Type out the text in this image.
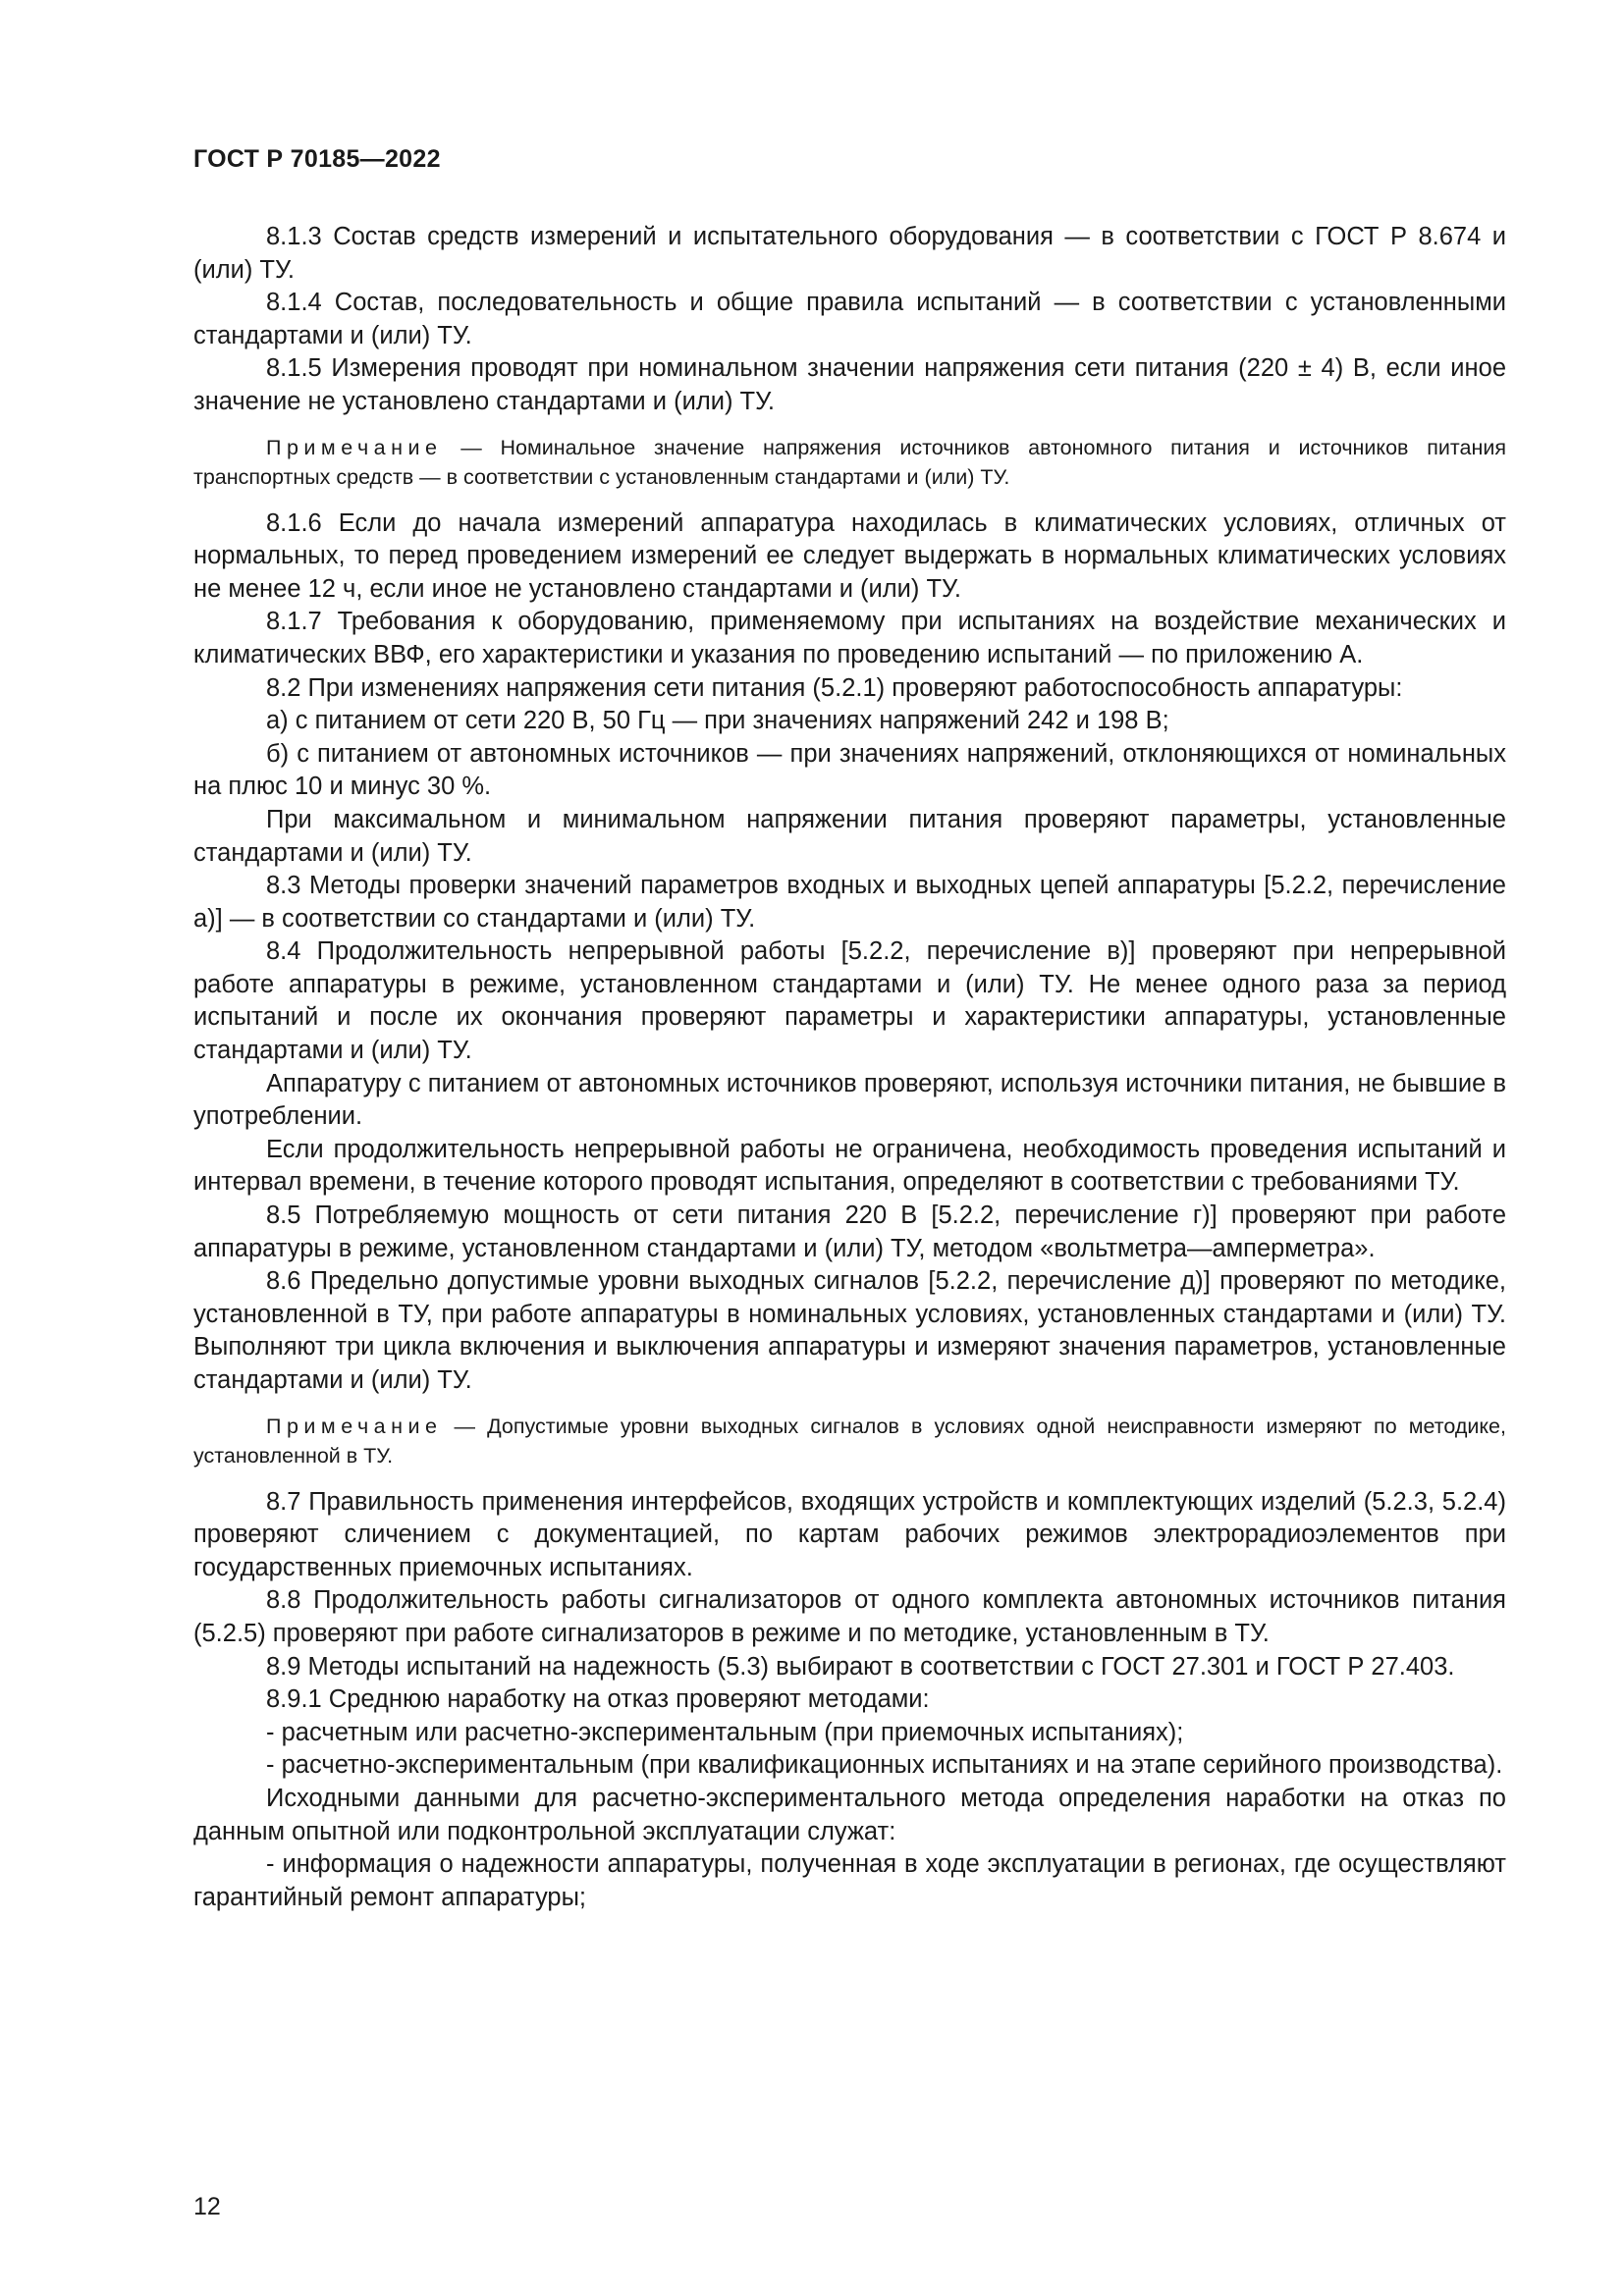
ГОСТ Р 70185—2022

8.1.3 Состав средств измерений и испытательного оборудования — в соответствии с ГОСТ Р 8.674 и (или) ТУ.

8.1.4 Состав, последовательность и общие правила испытаний — в соответствии с установленными стандартами и (или) ТУ.

8.1.5 Измерения проводят при номинальном значении напряжения сети питания (220 ± 4) В, если иное значение не установлено стандартами и (или) ТУ.

Примечание — Номинальное значение напряжения источников автономного питания и источников питания транспортных средств — в соответствии с установленным стандартами и (или) ТУ.

8.1.6 Если до начала измерений аппаратура находилась в климатических условиях, отличных от нормальных, то перед проведением измерений ее следует выдержать в нормальных климатических условиях не менее 12 ч, если иное не установлено стандартами и (или) ТУ.

8.1.7 Требования к оборудованию, применяемому при испытаниях на воздействие механических и климатических ВВФ, его характеристики и указания по проведению испытаний — по приложению А.

8.2 При изменениях напряжения сети питания (5.2.1) проверяют работоспособность аппаратуры:

а) с питанием от сети 220 В, 50 Гц — при значениях напряжений 242 и 198 В;

б) с питанием от автономных источников — при значениях напряжений, отклоняющихся от номинальных на плюс 10 и минус 30 %.

При максимальном и минимальном напряжении питания проверяют параметры, установленные стандартами и (или) ТУ.

8.3 Методы проверки значений параметров входных и выходных цепей аппаратуры [5.2.2, перечисление а)] — в соответствии со стандартами и (или) ТУ.

8.4 Продолжительность непрерывной работы [5.2.2, перечисление в)] проверяют при непрерывной работе аппаратуры в режиме, установленном стандартами и (или) ТУ. Не менее одного раза за период испытаний и после их окончания проверяют параметры и характеристики аппаратуры, установленные стандартами и (или) ТУ.

Аппаратуру с питанием от автономных источников проверяют, используя источники питания, не бывшие в употреблении.

Если продолжительность непрерывной работы не ограничена, необходимость проведения испытаний и интервал времени, в течение которого проводят испытания, определяют в соответствии с требованиями ТУ.

8.5 Потребляемую мощность от сети питания 220 В [5.2.2, перечисление г)] проверяют при работе аппаратуры в режиме, установленном стандартами и (или) ТУ, методом «вольтметра—амперметра».

8.6 Предельно допустимые уровни выходных сигналов [5.2.2, перечисление д)] проверяют по методике, установленной в ТУ, при работе аппаратуры в номинальных условиях, установленных стандартами и (или) ТУ. Выполняют три цикла включения и выключения аппаратуры и измеряют значения параметров, установленные стандартами и (или) ТУ.

Примечание — Допустимые уровни выходных сигналов в условиях одной неисправности измеряют по методике, установленной в ТУ.

8.7 Правильность применения интерфейсов, входящих устройств и комплектующих изделий (5.2.3, 5.2.4) проверяют сличением с документацией, по картам рабочих режимов электрорадиоэлементов при государственных приемочных испытаниях.

8.8 Продолжительность работы сигнализаторов от одного комплекта автономных источников питания (5.2.5) проверяют при работе сигнализаторов в режиме и по методике, установленным в ТУ.

8.9 Методы испытаний на надежность (5.3) выбирают в соответствии с ГОСТ 27.301 и ГОСТ Р 27.403.

8.9.1 Среднюю наработку на отказ проверяют методами:

- расчетным или расчетно-экспериментальным (при приемочных испытаниях);

- расчетно-экспериментальным (при квалификационных испытаниях и на этапе серийного производства).

Исходными данными для расчетно-экспериментального метода определения наработки на отказ по данным опытной или подконтрольной эксплуатации служат:

- информация о надежности аппаратуры, полученная в ходе эксплуатации в регионах, где осуществляют гарантийный ремонт аппаратуры;

12
